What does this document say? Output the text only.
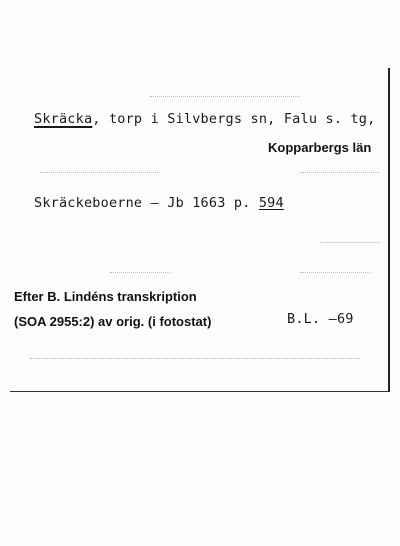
Skräcka, torp i Silvbergs sn, Falu s. tg,
Kopparbergs län
Skräckeboerne – Jb 1663 p. 594
Efter B. Lindéns transkription
(SOA 2955:2) av orig. (i fotostat)	B.L. –69
